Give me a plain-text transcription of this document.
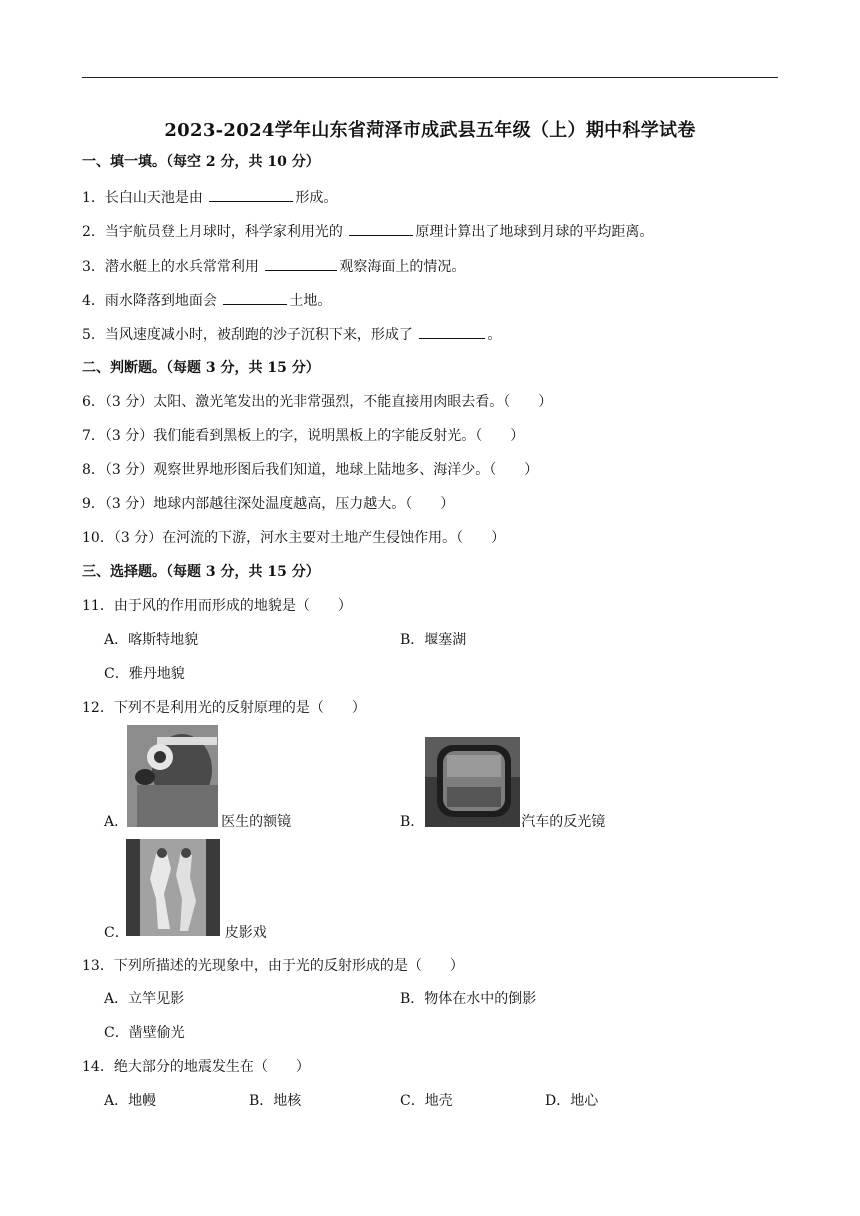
2023-2024学年山东省菏泽市成武县五年级（上）期中科学试卷
一、填一填。（每空 2 分，共 10 分）
1．长白山天池是由	形成。
2．当宇航员登上月球时，科学家利用光的	原理计算出了地球到月球的平均距离。
3．潜水艇上的水兵常常利用	观察海面上的情况。
4．雨水降落到地面会	土地。
5．当风速度减小时，被刮跑的沙子沉积下来，形成了	。
二、判断题。（每题 3 分，共 15 分）
6．（3 分）太阳、激光笔发出的光非常强烈，不能直接用肉眼去看。（　　）
7．（3 分）我们能看到黑板上的字，说明黑板上的字能反射光。（　　）
8．（3 分）观察世界地形图后我们知道，地球上陆地多、海洋少。（　　）
9．（3 分）地球内部越往深处温度越高，压力越大。（　　）
10．（3 分）在河流的下游，河水主要对土地产生侵蚀作用。（　　）
三、选择题。（每题 3 分，共 15 分）
11．由于风的作用而形成的地貌是（　　）
A．喀斯特地貌	B．堰塞湖
C．雅丹地貌
12．下列不是利用光的反射原理的是（　　）
A．	医生的额镜	B．	汽车的反光镜
C．	皮影戏
13．下列所描述的光现象中，由于光的反射形成的是（　　）
A．立竿见影	B．物体在水中的倒影
C．凿壁偷光
14．绝大部分的地震发生在（　　）
A．地幔	B．地核	C．地壳	D．地心
